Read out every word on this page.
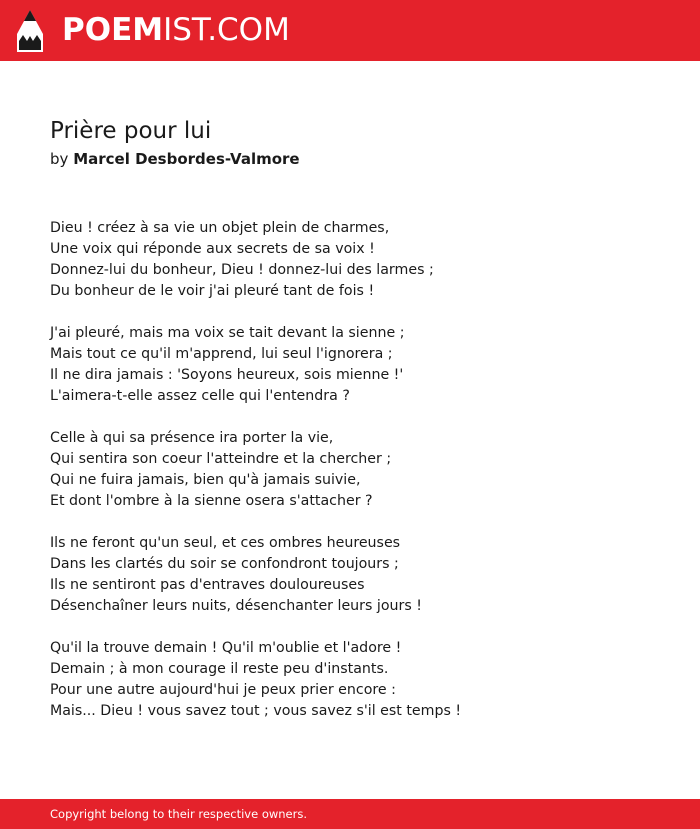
POEMIST.COM
Prière pour lui
by Marcel Desbordes-Valmore
Dieu ! créez à sa vie un objet plein de charmes,
Une voix qui réponde aux secrets de sa voix !
Donnez-lui du bonheur, Dieu ! donnez-lui des larmes ;
Du bonheur de le voir j'ai pleuré tant de fois !
J'ai pleuré, mais ma voix se tait devant la sienne ;
Mais tout ce qu'il m'apprend, lui seul l'ignorera ;
Il ne dira jamais : 'Soyons heureux, sois mienne !'
L'aimera-t-elle assez celle qui l'entendra ?
Celle à qui sa présence ira porter la vie,
Qui sentira son coeur l'atteindre et la chercher ;
Qui ne fuira jamais, bien qu'à jamais suivie,
Et dont l'ombre à la sienne osera s'attacher ?
Ils ne feront qu'un seul, et ces ombres heureuses
Dans les clartés du soir se confondront toujours ;
Ils ne sentiront pas d'entraves douloureuses
Désenchaîner leurs nuits, désenchanter leurs jours !
Qu'il la trouve demain ! Qu'il m'oublie et l'adore !
Demain ; à mon courage il reste peu d'instants.
Pour une autre aujourd'hui je peux prier encore :
Mais... Dieu ! vous savez tout ; vous savez s'il est temps !
Copyright belong to their respective owners.
